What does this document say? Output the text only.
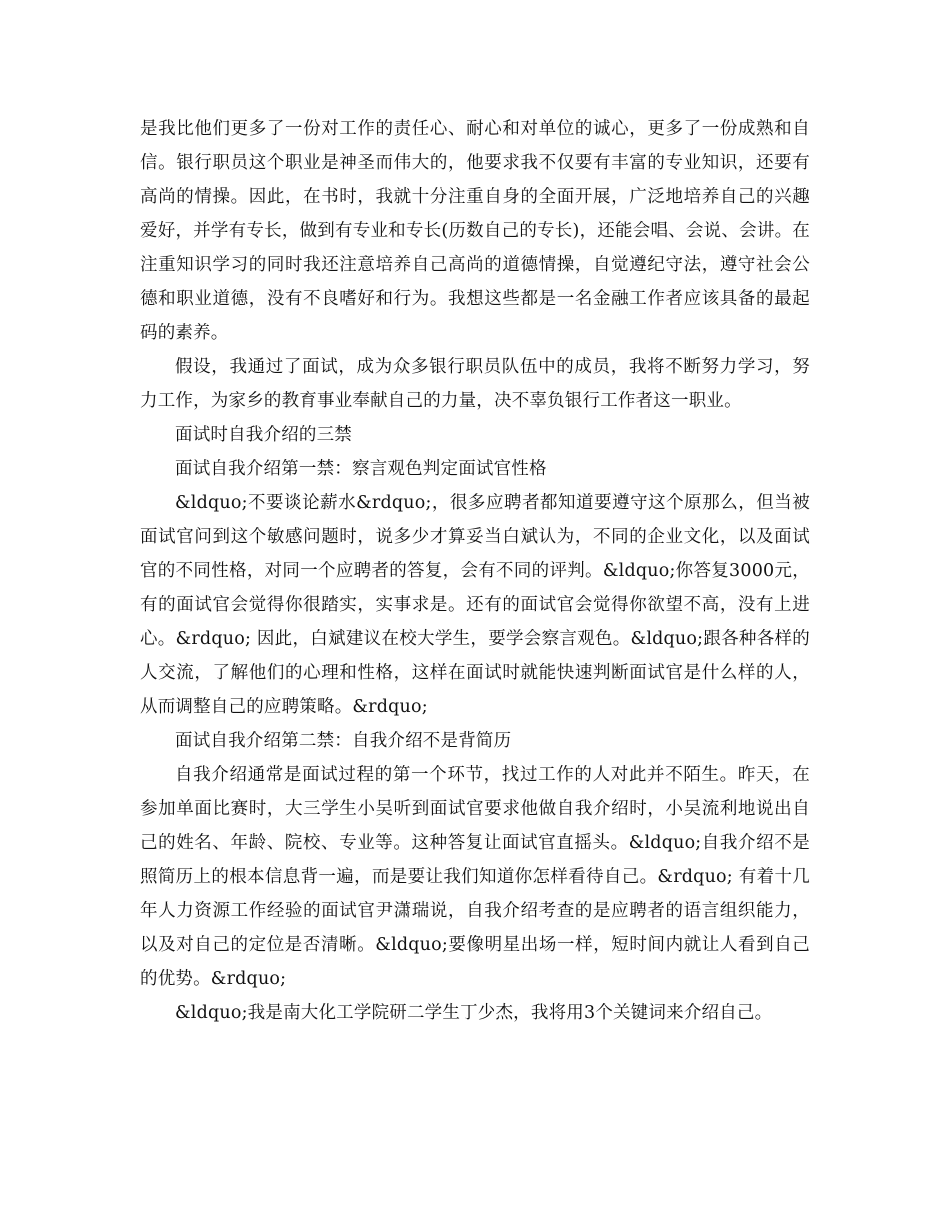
是我比他们更多了一份对工作的责任心、耐心和对单位的诚心，更多了一份成熟和自信。银行职员这个职业是神圣而伟大的，他要求我不仅要有丰富的专业知识，还要有高尚的情操。因此，在书时，我就十分注重自身的全面开展，广泛地培养自己的兴趣爱好，并学有专长，做到有专业和专长(历数自己的专长)，还能会唱、会说、会讲。在注重知识学习的同时我还注意培养自己高尚的道德情操，自觉遵纪守法，遵守社会公德和职业道德，没有不良嗜好和行为。我想这些都是一名金融工作者应该具备的最起码的素养。

假设，我通过了面试，成为众多银行职员队伍中的成员，我将不断努力学习，努力工作，为家乡的教育事业奉献自己的力量，决不辜负银行工作者这一职业。

面试时自我介绍的三禁

面试自我介绍第一禁：察言观色判定面试官性格

&ldquo;不要谈论薪水&rdquo;，很多应聘者都知道要遵守这个原那么，但当被面试官问到这个敏感问题时，说多少才算妥当白斌认为，不同的企业文化，以及面试官的不同性格，对同一个应聘者的答复，会有不同的评判。&ldquo;你答复3000元，有的面试官会觉得你很踏实，实事求是。还有的面试官会觉得你欲望不高，没有上进心。&rdquo; 因此，白斌建议在校大学生，要学会察言观色。&ldquo;跟各种各样的人交流，了解他们的心理和性格，这样在面试时就能快速判断面试官是什么样的人，从而调整自己的应聘策略。&rdquo;

面试自我介绍第二禁：自我介绍不是背简历

自我介绍通常是面试过程的第一个环节，找过工作的人对此并不陌生。昨天，在参加单面比赛时，大三学生小吴听到面试官要求他做自我介绍时，小吴流利地说出自己的姓名、年龄、院校、专业等。这种答复让面试官直摇头。&ldquo;自我介绍不是照简历上的根本信息背一遍，而是要让我们知道你怎样看待自己。&rdquo; 有着十几年人力资源工作经验的面试官尹潇瑞说，自我介绍考查的是应聘者的语言组织能力，以及对自己的定位是否清晰。&ldquo;要像明星出场一样，短时间内就让人看到自己的优势。&rdquo;

&ldquo;我是南大化工学院研二学生丁少杰，我将用3个关键词来介绍自己。
